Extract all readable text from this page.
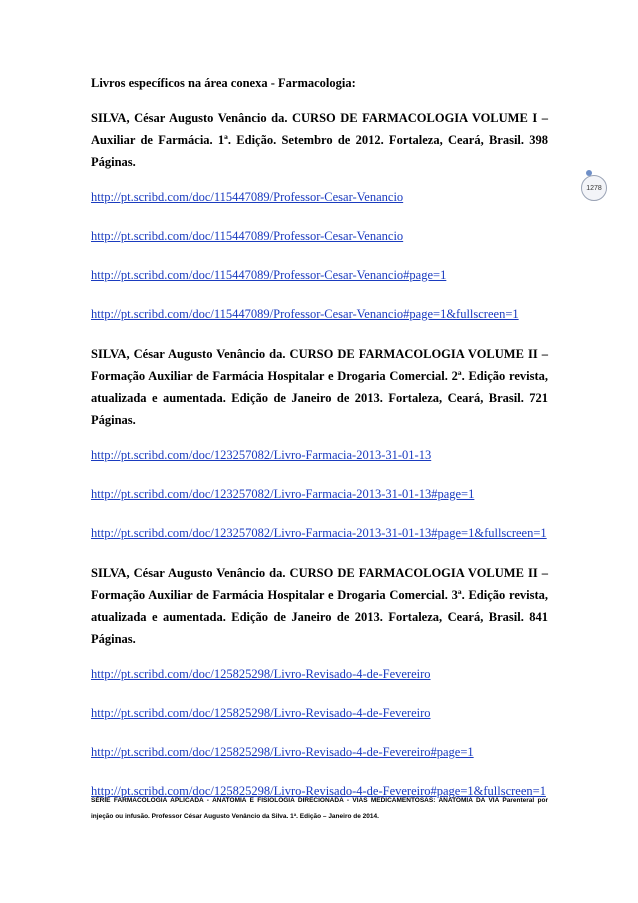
1278
Livros específicos na área conexa - Farmacologia:
SILVA, César Augusto Venâncio da. CURSO DE FARMACOLOGIA VOLUME I – Auxiliar de Farmácia. 1ª. Edição. Setembro de 2012. Fortaleza, Ceará, Brasil. 398 Páginas.
http://pt.scribd.com/doc/115447089/Professor-Cesar-Venancio
http://pt.scribd.com/doc/115447089/Professor-Cesar-Venancio
http://pt.scribd.com/doc/115447089/Professor-Cesar-Venancio#page=1
http://pt.scribd.com/doc/115447089/Professor-Cesar-Venancio#page=1&fullscreen=1
SILVA, César Augusto Venâncio da. CURSO DE FARMACOLOGIA VOLUME II – Formação Auxiliar de Farmácia Hospitalar e Drogaria Comercial. 2ª. Edição revista, atualizada e aumentada. Edição de Janeiro de 2013. Fortaleza, Ceará, Brasil. 721 Páginas.
http://pt.scribd.com/doc/123257082/Livro-Farmacia-2013-31-01-13
http://pt.scribd.com/doc/123257082/Livro-Farmacia-2013-31-01-13#page=1
http://pt.scribd.com/doc/123257082/Livro-Farmacia-2013-31-01-13#page=1&fullscreen=1
SILVA, César Augusto Venâncio da. CURSO DE FARMACOLOGIA VOLUME II – Formação Auxiliar de Farmácia Hospitalar e Drogaria Comercial. 3ª. Edição revista, atualizada e aumentada. Edição de Janeiro de 2013. Fortaleza, Ceará, Brasil. 841 Páginas.
http://pt.scribd.com/doc/125825298/Livro-Revisado-4-de-Fevereiro
http://pt.scribd.com/doc/125825298/Livro-Revisado-4-de-Fevereiro
http://pt.scribd.com/doc/125825298/Livro-Revisado-4-de-Fevereiro#page=1
http://pt.scribd.com/doc/125825298/Livro-Revisado-4-de-Fevereiro#page=1&fullscreen=1
SÉRIE FARMACOLOGIA APLICADA - ANATOMIA E FISIOLOGIA DIRECIONADA - VIAS MEDICAMENTOSAS: ANATOMIA DA VIA Parenteral por injeção ou infusão. Professor César Augusto Venâncio da Silva. 1ª. Edição – Janeiro de 2014.
